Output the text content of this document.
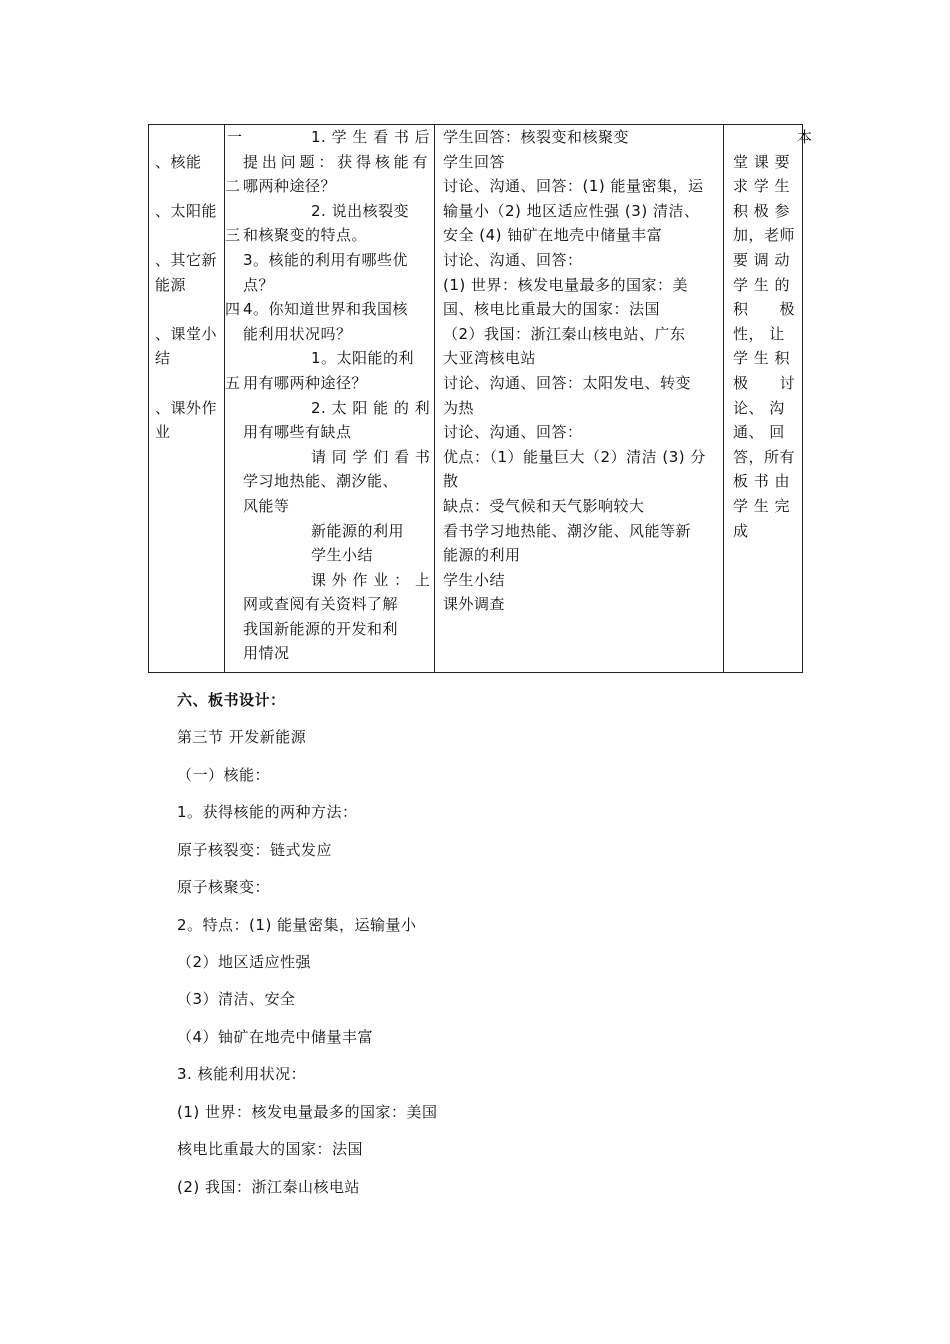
、核能
、太阳能
、其它新
能源
、课堂小
结
、课外作
业
一
二
三
四
五
1. 学 生 看 书 后
提出问题：获得核能有
哪两种途径？
2. 说出核裂变
和核聚变的特点。
3。核能的利用有哪些优
点？
4。你知道世界和我国核
能利用状况吗？
1。太阳能的利
用有哪两种途径？
2. 太 阳 能 的 利
用有哪些有缺点
请 同 学 们 看 书
学习地热能、潮汐能、
风能等
新能源的利用
学生小结
课 外 作 业 ： 上
网或查阅有关资料了解
我国新能源的开发和利
用情况
学生回答：核裂变和核聚变
学生回答
讨论、沟通、回答：(1) 能量密集，运
输量小（2) 地区适应性强 (3) 清洁、
安全 (4) 铀矿在地壳中储量丰富
讨论、沟通、回答：
(1) 世界：核发电量最多的国家：美
国、核电比重最大的国家：法国
（2）我国：浙江秦山核电站、广东
大亚湾核电站
讨论、沟通、回答：太阳发电、转变
为热
讨论、沟通、回答：
优点：（1）能量巨大（2）清洁 (3) 分
散
缺点：受气候和天气影响较大
看书学习地热能、潮汐能、风能等新
能源的利用
学生小结
课外调查
本
堂 课 要
求 学 生
积 极 参
加，老师
要 调 动
学 生 的
积　　极
性， 让
学 生 积
极　　讨
论、 沟
通、 回
答，所有
板 书 由
学 生 完
成
六、板书设计：
第三节 开发新能源
（一）核能：
1。获得核能的两种方法：
原子核裂变：链式发应
原子核聚变：
2。特点：(1) 能量密集，运输量小
（2）地区适应性强
（3）清洁、安全
（4）铀矿在地壳中储量丰富
3. 核能利用状况：
(1) 世界：核发电量最多的国家：美国
核电比重最大的国家：法国
(2) 我国：浙江秦山核电站
